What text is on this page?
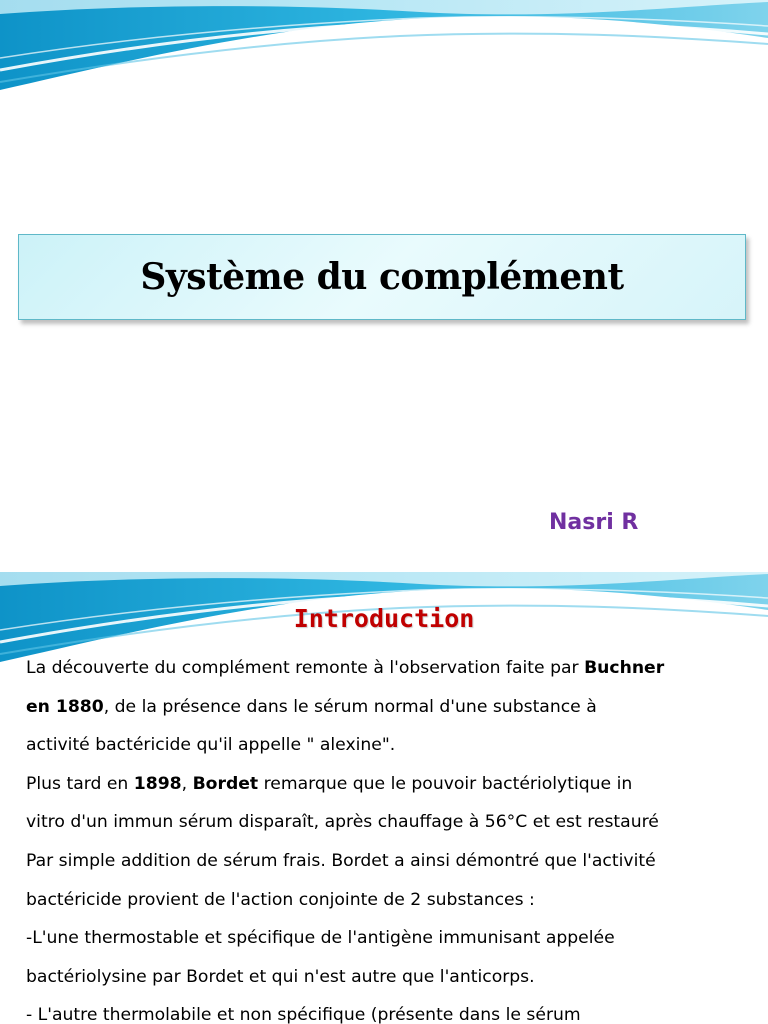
Système du complément
Nasri R
Introduction

La découverte du complément remonte à l'observation faite par Buchner

en 1880, de la présence dans le sérum normal d'une substance à

activité bactéricide qu'il appelle " alexine".

Plus tard en 1898, Bordet remarque que le pouvoir bactériolytique in

vitro d'un immun sérum disparaît, après chauffage à 56°C et est restauré

Par simple addition de sérum frais. Bordet a ainsi démontré que l'activité

bactéricide provient de l'action conjointe de 2 substances :

-L'une thermostable et spécifique de l'antigène immunisant appelée

bactériolysine par Bordet et qui n'est autre que l'anticorps.

- L'autre thermolabile et non spécifique (présente dans le sérum
